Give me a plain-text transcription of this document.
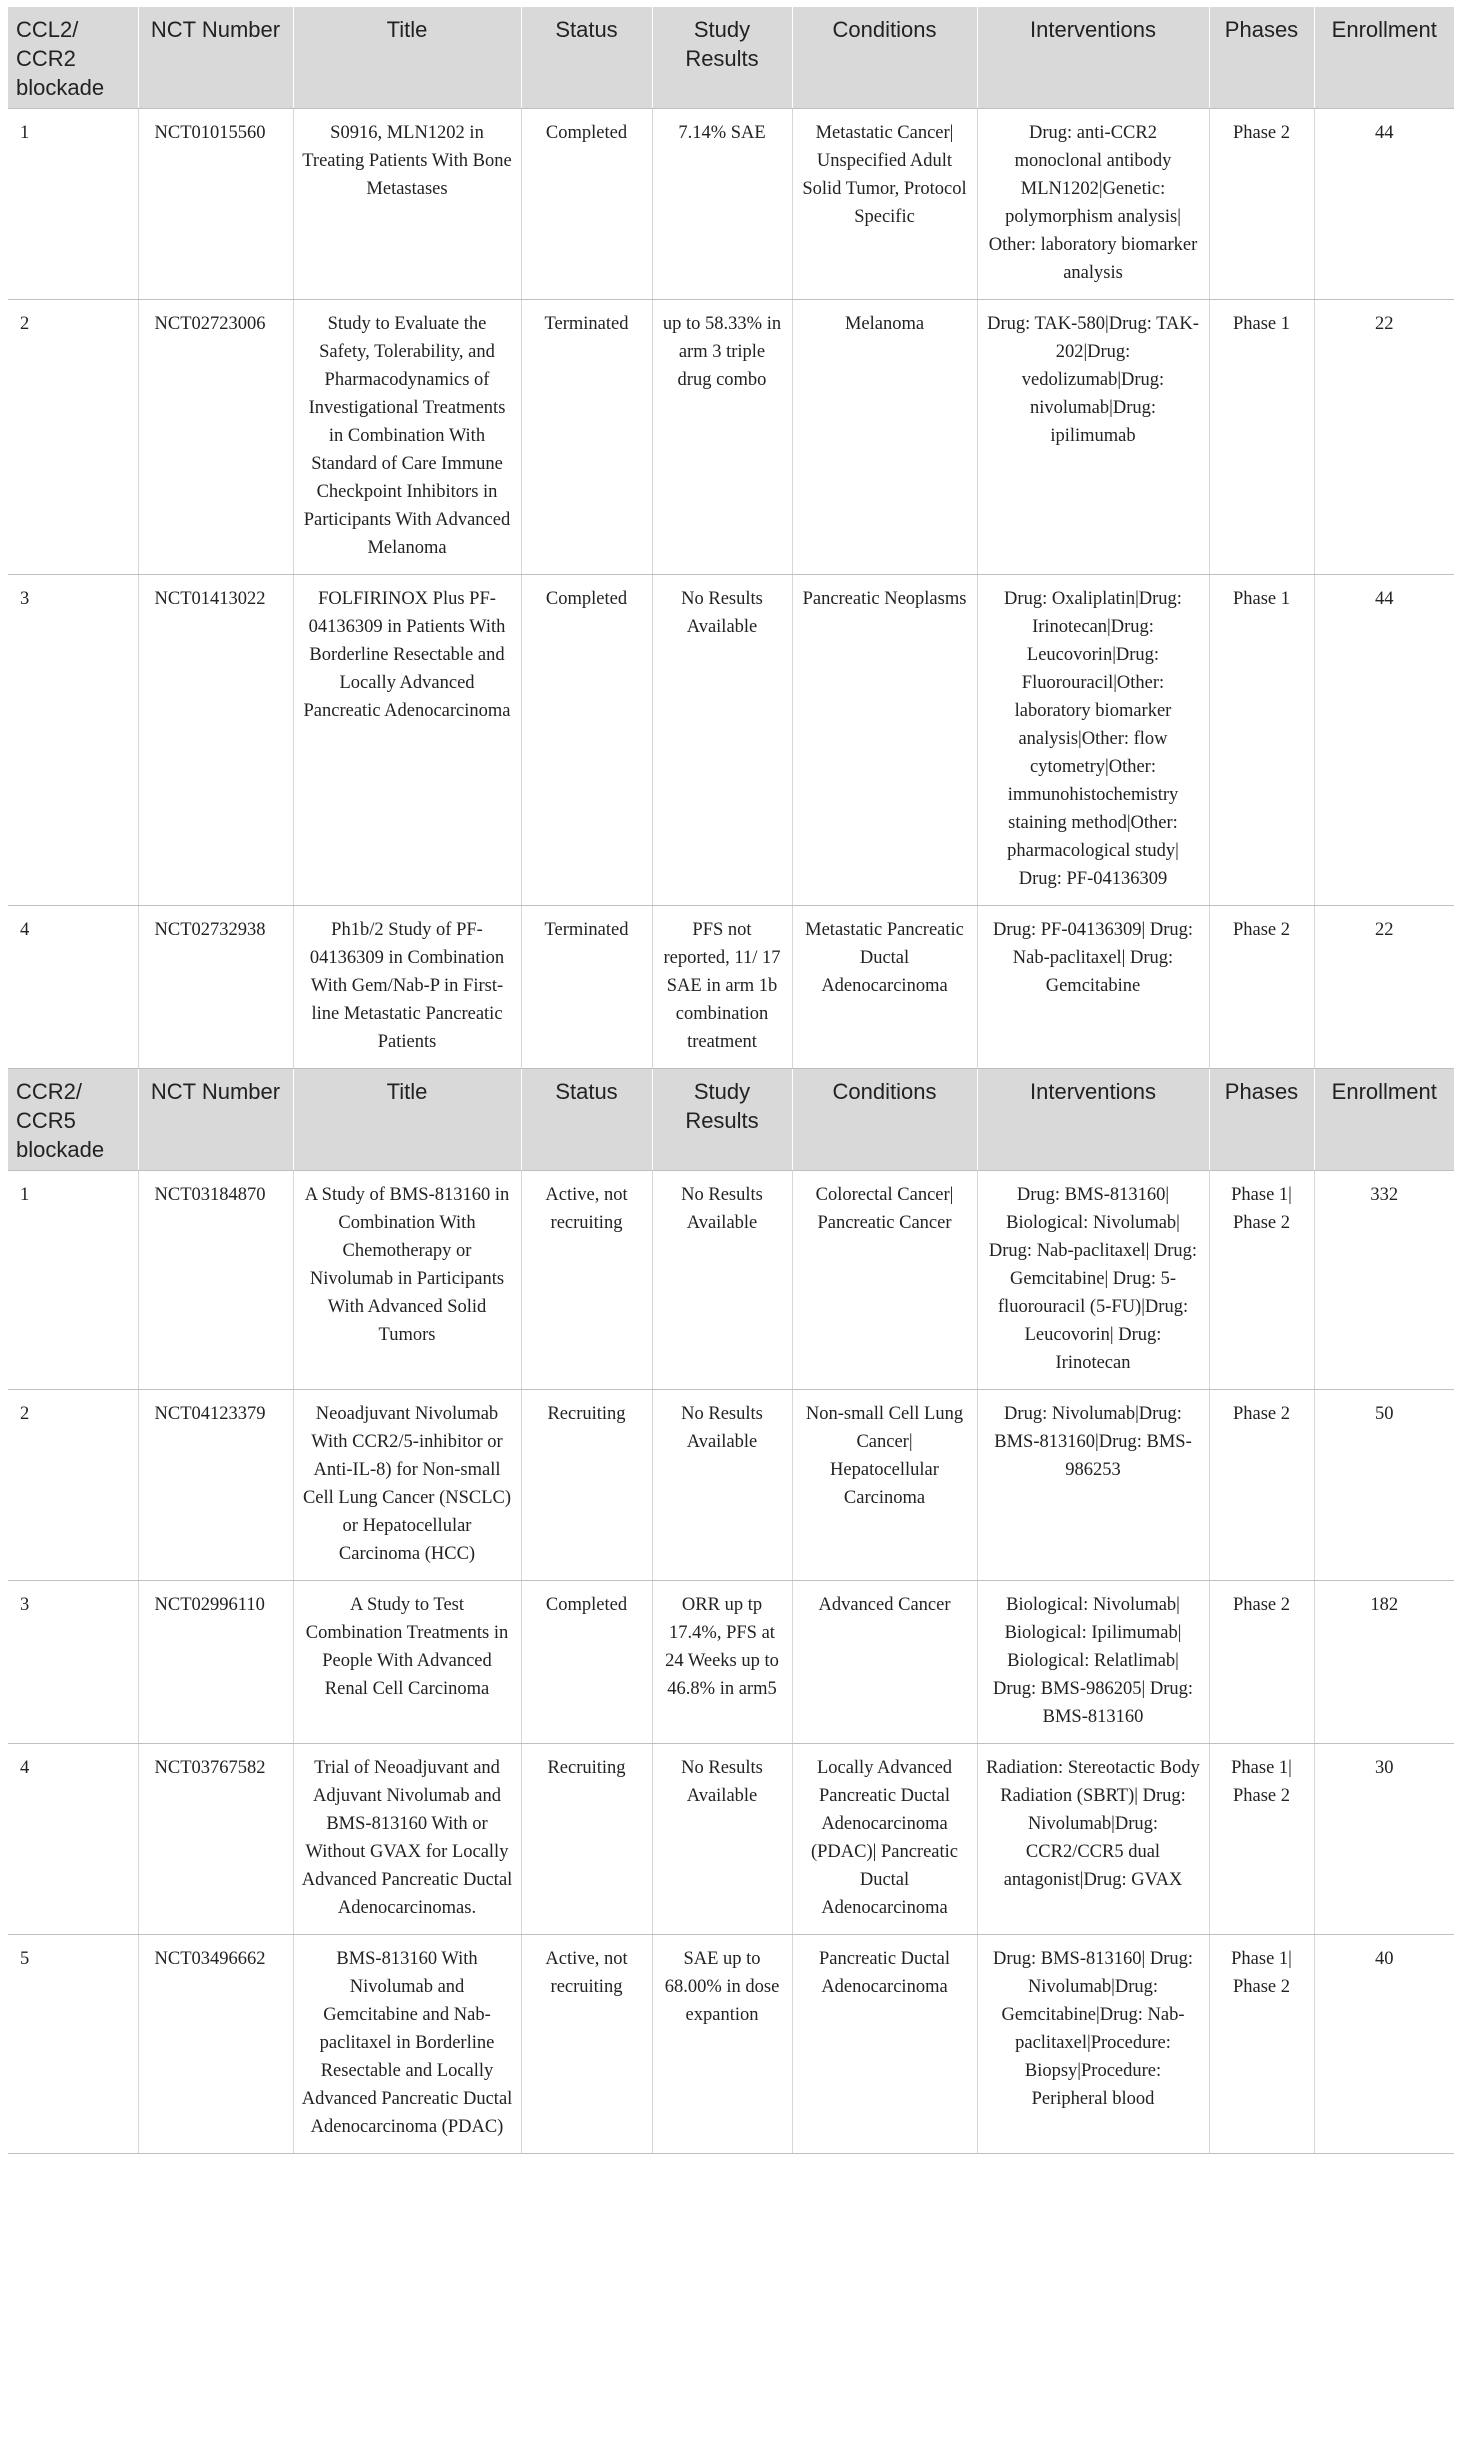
CCL2/ CCR2 blockade	NCT Number	Title	Status	Study Results	Conditions	Interventions	Phases	Enrollment
1	NCT01015560	S0916, MLN1202 in Treating Patients With Bone Metastases	Completed	7.14% SAE	Metastatic Cancer| Unspecified Adult Solid Tumor, Protocol Specific	Drug: anti-CCR2 monoclonal antibody MLN1202|Genetic: polymorphism analysis| Other: laboratory biomarker analysis	Phase 2	44
2	NCT02723006	Study to Evaluate the Safety, Tolerability, and Pharmacodynamics of Investigational Treatments in Combination With Standard of Care Immune Checkpoint Inhibitors in Participants With Advanced Melanoma	Terminated	up to 58.33% in arm 3 triple drug combo	Melanoma	Drug: TAK-580|Drug: TAK-202|Drug: vedolizumab|Drug: nivolumab|Drug: ipilimumab	Phase 1	22
3	NCT01413022	FOLFIRINOX Plus PF-04136309 in Patients With Borderline Resectable and Locally Advanced Pancreatic Adenocarcinoma	Completed	No Results Available	Pancreatic Neoplasms	Drug: Oxaliplatin|Drug: Irinotecan|Drug: Leucovorin|Drug: Fluorouracil|Other: laboratory biomarker analysis|Other: flow cytometry|Other: immunohistochemistry staining method|Other: pharmacological study| Drug: PF-04136309	Phase 1	44
4	NCT02732938	Ph1b/2 Study of PF-04136309 in Combination With Gem/Nab-P in First-line Metastatic Pancreatic Patients	Terminated	PFS not reported, 11/ 17 SAE in arm 1b combination treatment	Metastatic Pancreatic Ductal Adenocarcinoma	Drug: PF-04136309| Drug: Nab-paclitaxel| Drug: Gemcitabine	Phase 2	22
CCR2/ CCR5 blockade	NCT Number	Title	Status	Study Results	Conditions	Interventions	Phases	Enrollment
1	NCT03184870	A Study of BMS-813160 in Combination With Chemotherapy or Nivolumab in Participants With Advanced Solid Tumors	Active, not recruiting	No Results Available	Colorectal Cancer| Pancreatic Cancer	Drug: BMS-813160| Biological: Nivolumab| Drug: Nab-paclitaxel| Drug: Gemcitabine| Drug: 5-fluorouracil (5-FU)|Drug: Leucovorin| Drug: Irinotecan	Phase 1| Phase 2	332
2	NCT04123379	Neoadjuvant Nivolumab With CCR2/5-inhibitor or Anti-IL-8) for Non-small Cell Lung Cancer (NSCLC) or Hepatocellular Carcinoma (HCC)	Recruiting	No Results Available	Non-small Cell Lung Cancer| Hepatocellular Carcinoma	Drug: Nivolumab|Drug: BMS-813160|Drug: BMS-986253	Phase 2	50
3	NCT02996110	A Study to Test Combination Treatments in People With Advanced Renal Cell Carcinoma	Completed	ORR up tp 17.4%, PFS at 24 Weeks up to 46.8% in arm5	Advanced Cancer	Biological: Nivolumab| Biological: Ipilimumab| Biological: Relatlimab| Drug: BMS-986205| Drug: BMS-813160	Phase 2	182
4	NCT03767582	Trial of Neoadjuvant and Adjuvant Nivolumab and BMS-813160 With or Without GVAX for Locally Advanced Pancreatic Ductal Adenocarcinomas.	Recruiting	No Results Available	Locally Advanced Pancreatic Ductal Adenocarcinoma (PDAC)| Pancreatic Ductal Adenocarcinoma	Radiation: Stereotactic Body Radiation (SBRT)| Drug: Nivolumab|Drug: CCR2/CCR5 dual antagonist|Drug: GVAX	Phase 1| Phase 2	30
5	NCT03496662	BMS-813160 With Nivolumab and Gemcitabine and Nab-paclitaxel in Borderline Resectable and Locally Advanced Pancreatic Ductal Adenocarcinoma (PDAC)	Active, not recruiting	SAE up to 68.00% in dose expantion	Pancreatic Ductal Adenocarcinoma	Drug: BMS-813160| Drug: Nivolumab|Drug: Gemcitabine|Drug: Nab-paclitaxel|Procedure: Biopsy|Procedure: Peripheral blood	Phase 1| Phase 2	40
